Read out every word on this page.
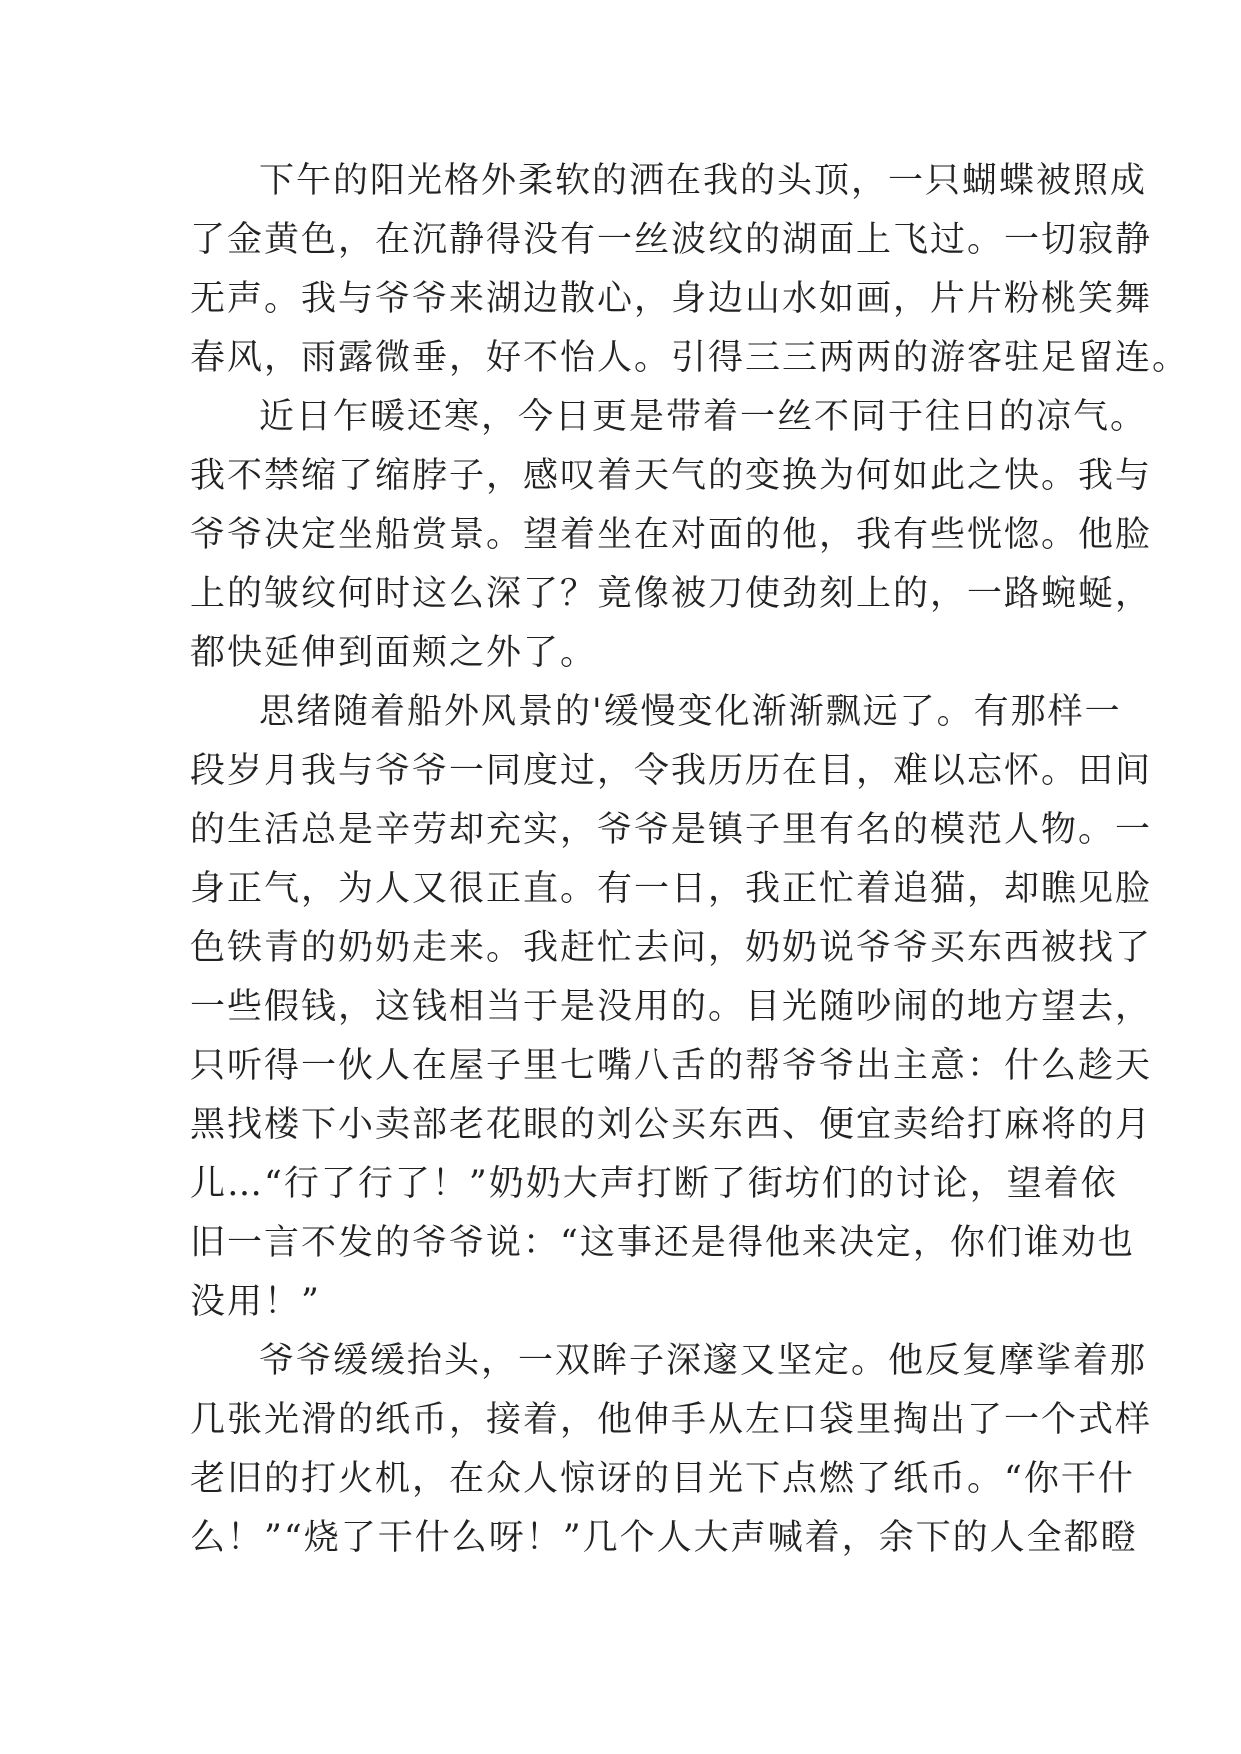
下午的阳光格外柔软的洒在我的头顶，一只蝴蝶被照成
了金黄色，在沉静得没有一丝波纹的湖面上飞过。一切寂静
无声。我与爷爷来湖边散心，身边山水如画，片片粉桃笑舞
春风，雨露微垂，好不怡人。引得三三两两的游客驻足留连。
近日乍暖还寒，今日更是带着一丝不同于往日的凉气。
我不禁缩了缩脖子，感叹着天气的变换为何如此之快。我与
爷爷决定坐船赏景。望着坐在对面的他，我有些恍惚。他脸
上的皱纹何时这么深了？竟像被刀使劲刻上的，一路蜿蜒，
都快延伸到面颊之外了。
思绪随着船外风景的'缓慢变化渐渐飘远了。有那样一
段岁月我与爷爷一同度过，令我历历在目，难以忘怀。田间
的生活总是辛劳却充实，爷爷是镇子里有名的模范人物。一
身正气，为人又很正直。有一日，我正忙着追猫，却瞧见脸
色铁青的奶奶走来。我赶忙去问，奶奶说爷爷买东西被找了
一些假钱，这钱相当于是没用的。目光随吵闹的地方望去，
只听得一伙人在屋子里七嘴八舌的帮爷爷出主意：什么趁天
黑找楼下小卖部老花眼的刘公买东西、便宜卖给打麻将的月
儿…“行了行了！”奶奶大声打断了街坊们的讨论，望着依
旧一言不发的爷爷说：“这事还是得他来决定，你们谁劝也
没用！”
爷爷缓缓抬头，一双眸子深邃又坚定。他反复摩挲着那
几张光滑的纸币，接着，他伸手从左口袋里掏出了一个式样
老旧的打火机，在众人惊讶的目光下点燃了纸币。“你干什
么！”“烧了干什么呀！”几个人大声喊着，余下的人全都瞪
